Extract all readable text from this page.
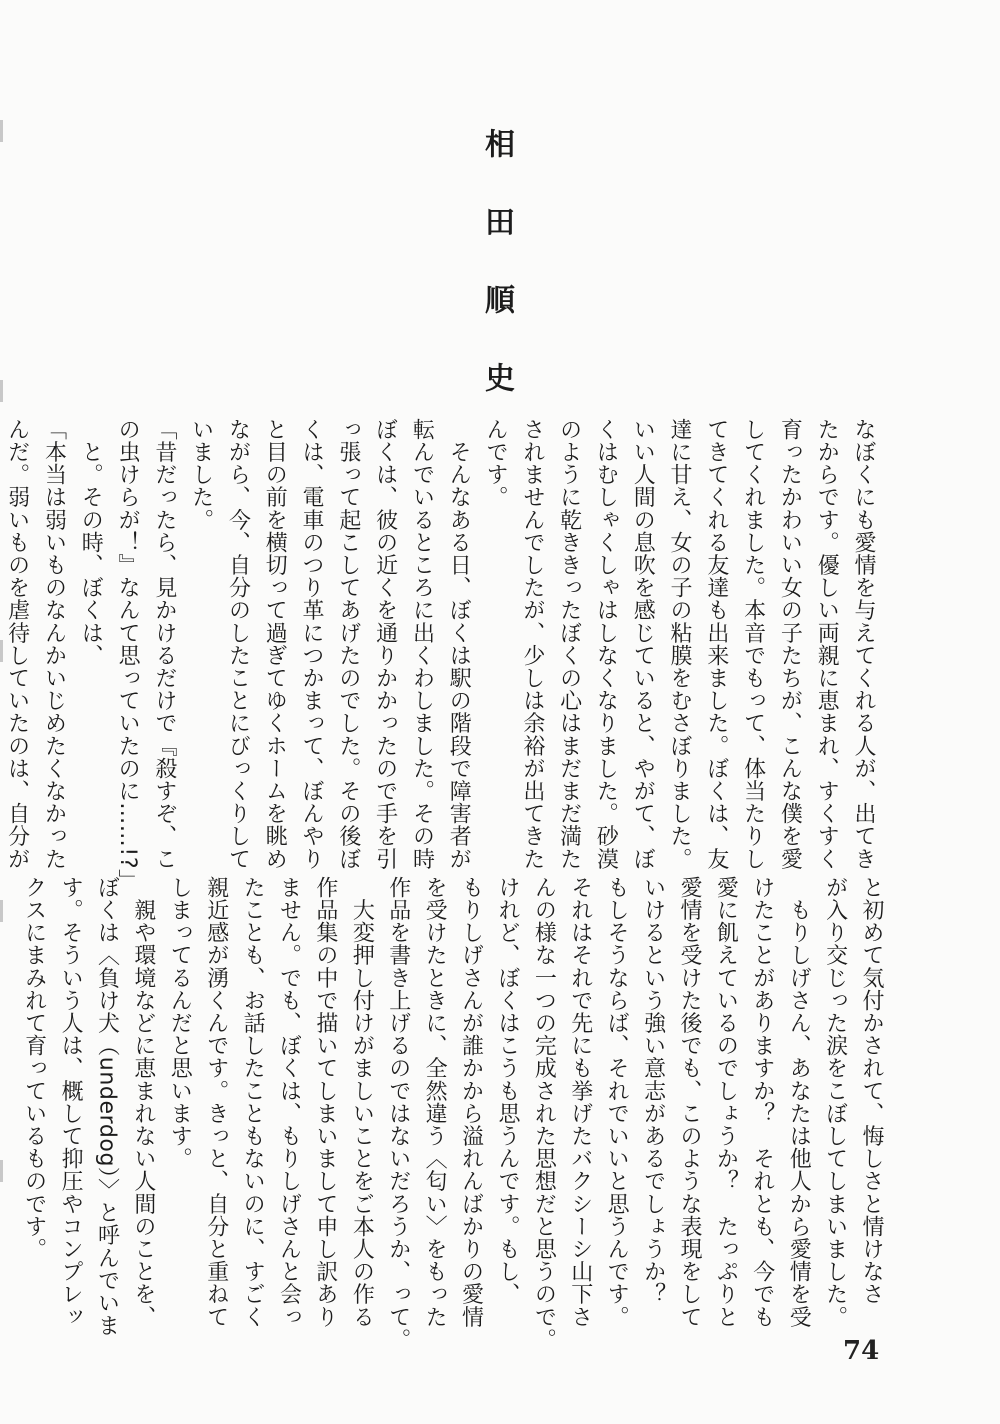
相田順史
なぼくにも愛情を与えてくれる人が、出てき
たからです。優しい両親に恵まれ、すくすく
育ったかわいい女の子たちが、こんな僕を愛
してくれました。本音でもって、体当たりし
てきてくれる友達も出来ました。ぼくは、友
達に甘え、女の子の粘膜をむさぼりました。
いい人間の息吹を感じていると、やがて、ぼ
くはむしゃくしゃはしなくなりました。砂漠
のように乾ききったぼくの心はまだまだ満た
されませんでしたが、少しは余裕が出てきた
んです。
　そんなある日、ぼくは駅の階段で障害者が
転んでいるところに出くわしました。その時
ぼくは、彼の近くを通りかかったので手を引
っ張って起こしてあげたのでした。その後ぼ
くは、電車のつり革につかまって、ぼんやり
と目の前を横切って過ぎてゆくホームを眺め
ながら、今、自分のしたことにびっくりして
いました。
「昔だったら、見かけるだけで『殺すぞ、こ
の虫けらが！』なんて思っていたのに……!?」
　と。その時、ぼくは、
「本当は弱いものなんかいじめたくなかった
んだ。弱いものを虐待していたのは、自分が

と初めて気付かされて、悔しさと情けなさ
が入り交じった涙をこぼしてしまいました。
　もりしげさん、あなたは他人から愛情を受
けたことがありますか？　それとも、今でも
愛に飢えているのでしょうか？　たっぷりと
愛情を受けた後でも、このような表現をして
いけるという強い意志があるでしょうか？
もしそうならば、それでいいと思うんです。
それはそれで先にも挙げたバクシーシ山下さ
んの様な一つの完成された思想だと思うので。
けれど、ぼくはこうも思うんです。もし、
もりしげさんが誰かから溢れんばかりの愛情
を受けたときに、全然違う〈匂い〉をもった
作品を書き上げるのではないだろうか、って。
　大変押し付けがましいことをご本人の作る
作品集の中で描いてしまいまして申し訳あり
ません。でも、ぼくは、もりしげさんと会っ
たことも、お話したこともないのに、すごく
親近感が湧くんです。きっと、自分と重ねて
しまってるんだと思います。
　親や環境などに恵まれない人間のことを、
ぼくは〈負け犬（underdog）〉と呼んでいま
す。そういう人は、概して抑圧やコンプレッ
クスにまみれて育っているものです。
74
